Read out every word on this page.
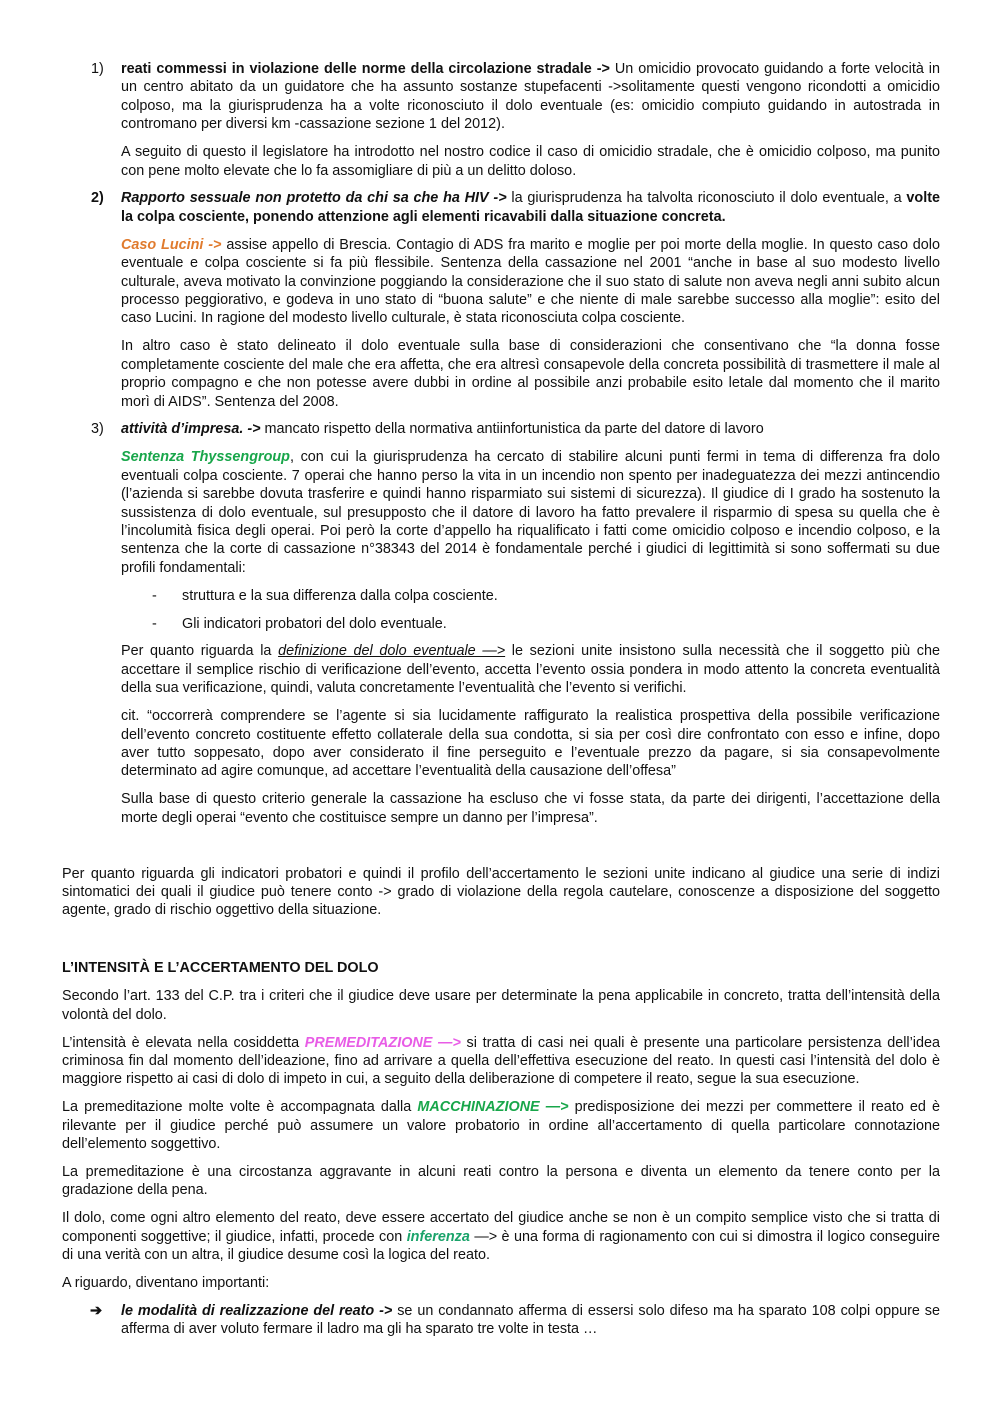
1) reati commessi in violazione delle norme della circolazione stradale -> Un omicidio provocato guidando a forte velocità in un centro abitato da un guidatore che ha assunto sostanze stupefacenti ->solitamente questi vengono ricondotti a omicidio colposo, ma la giurisprudenza ha a volte riconosciuto il dolo eventuale (es: omicidio compiuto guidando in autostrada in contromano per diversi km -cassazione sezione 1 del 2012).

A seguito di questo il legislatore ha introdotto nel nostro codice il caso di omicidio stradale, che è omicidio colposo, ma punito con pene molto elevate che lo fa assomigliare di più a un delitto doloso.

2) Rapporto sessuale non protetto da chi sa che ha HIV -> la giurisprudenza ha talvolta riconosciuto il dolo eventuale, a volte la colpa cosciente, ponendo attenzione agli elementi ricavabili dalla situazione concreta.

Caso Lucini -> assise appello di Brescia. Contagio di ADS fra marito e moglie per poi morte della moglie. In questo caso dolo eventuale e colpa cosciente si fa più flessibile. Sentenza della cassazione nel 2001 “anche in base al suo modesto livello culturale, aveva motivato la convinzione poggiando la considerazione che il suo stato di salute non aveva negli anni subito alcun processo peggiorativo, e godeva in uno stato di “buona salute” e che niente di male sarebbe successo alla moglie”: esito del caso Lucini. In ragione del modesto livello culturale, è stata riconosciuta colpa cosciente.

In altro caso è stato delineato il dolo eventuale sulla base di considerazioni che consentivano che “la donna fosse completamente cosciente del male che era affetta, che era altresì consapevole della concreta possibilità di trasmettere il male al proprio compagno e che non potesse avere dubbi in ordine al possibile anzi probabile esito letale dal momento che il marito morì di AIDS”. Sentenza del 2008.

3) attività d’impresa. -> mancato rispetto della normativa antiinfortunistica da parte del datore di lavoro

Sentenza Thyssengroup, con cui la giurisprudenza ha cercato di stabilire alcuni punti fermi in tema di differenza fra dolo eventuali colpa cosciente. 7 operai che hanno perso la vita in un incendio non spento per inadeguatezza dei mezzi antincendio (l’azienda si sarebbe dovuta trasferire e quindi hanno risparmiato sui sistemi di sicurezza). Il giudice di I grado ha sostenuto la sussistenza di dolo eventuale, sul presupposto che il datore di lavoro ha fatto prevalere il risparmio di spesa su quella che è l’incolumità fisica degli operai. Poi però la corte d’appello ha riqualificato i fatti come omicidio colposo e incendio colposo, e la sentenza che la corte di cassazione n°38343 del 2014 è fondamentale perché i giudici di legittimità si sono soffermati su due profili fondamentali:

- struttura e la sua differenza dalla colpa cosciente.
- Gli indicatori probatori del dolo eventuale.

Per quanto riguarda la definizione del dolo eventuale —> le sezioni unite insistono sulla necessità che il soggetto più che accettare il semplice rischio di verificazione dell’evento, accetta l’evento ossia pondera in modo attento la concreta eventualità della sua verificazione, quindi, valuta concretamente l’eventualità che l’evento si verifichi.

cit. “occorrerà comprendere se l’agente si sia lucidamente raffigurato la realistica prospettiva della possibile verificazione dell’evento concreto costituente effetto collaterale della sua condotta, si sia per così dire confrontato con esso e infine, dopo aver tutto soppesato, dopo aver considerato il fine perseguito e l’eventuale prezzo da pagare, si sia consapevolmente determinato ad agire comunque, ad accettare l’eventualità della causazione dell’offesa”

Sulla base di questo criterio generale la cassazione ha escluso che vi fosse stata, da parte dei dirigenti, l’accettazione della morte degli operai “evento che costituisce sempre un danno per l’impresa”.

Per quanto riguarda gli indicatori probatori e quindi il profilo dell’accertamento le sezioni unite indicano al giudice una serie di indizi sintomatici dei quali il giudice può tenere conto -> grado di violazione della regola cautelare, conoscenze a disposizione del soggetto agente, grado di rischio oggettivo della situazione.

L’INTENSITÀ E L’ACCERTAMENTO DEL DOLO

Secondo l’art. 133 del C.P. tra i criteri che il giudice deve usare per determinate la pena applicabile in concreto, tratta dell’intensità della volontà del dolo.

L’intensità è elevata nella cosiddetta PREMEDITAZIONE —> si tratta di casi nei quali è presente una particolare persistenza dell’idea criminosa fin dal momento dell’ideazione, fino ad arrivare a quella dell’effettiva esecuzione del reato. In questi casi l’intensità del dolo è maggiore rispetto ai casi di dolo di impeto in cui, a seguito della deliberazione di competere il reato, segue la sua esecuzione.

La premeditazione molte volte è accompagnata dalla MACCHINAZIONE —> predisposizione dei mezzi per commettere il reato ed è rilevante per il giudice perché può assumere un valore probatorio in ordine all’accertamento di quella particolare connotazione dell’elemento soggettivo.

La premeditazione è una circostanza aggravante in alcuni reati contro la persona e diventa un elemento da tenere conto per la gradazione della pena.

Il dolo, come ogni altro elemento del reato, deve essere accertato del giudice anche se non è un compito semplice visto che si tratta di componenti soggettive; il giudice, infatti, procede con inferenza —> è una forma di ragionamento con cui si dimostra il logico conseguire di una verità con un altra, il giudice desume così la logica del reato.

A riguardo, diventano importanti:

➔ le modalità di realizzazione del reato -> se un condannato afferma di essersi solo difeso ma ha sparato 108 colpi oppure se afferma di aver voluto fermare il ladro ma gli ha sparato tre volte in testa …
